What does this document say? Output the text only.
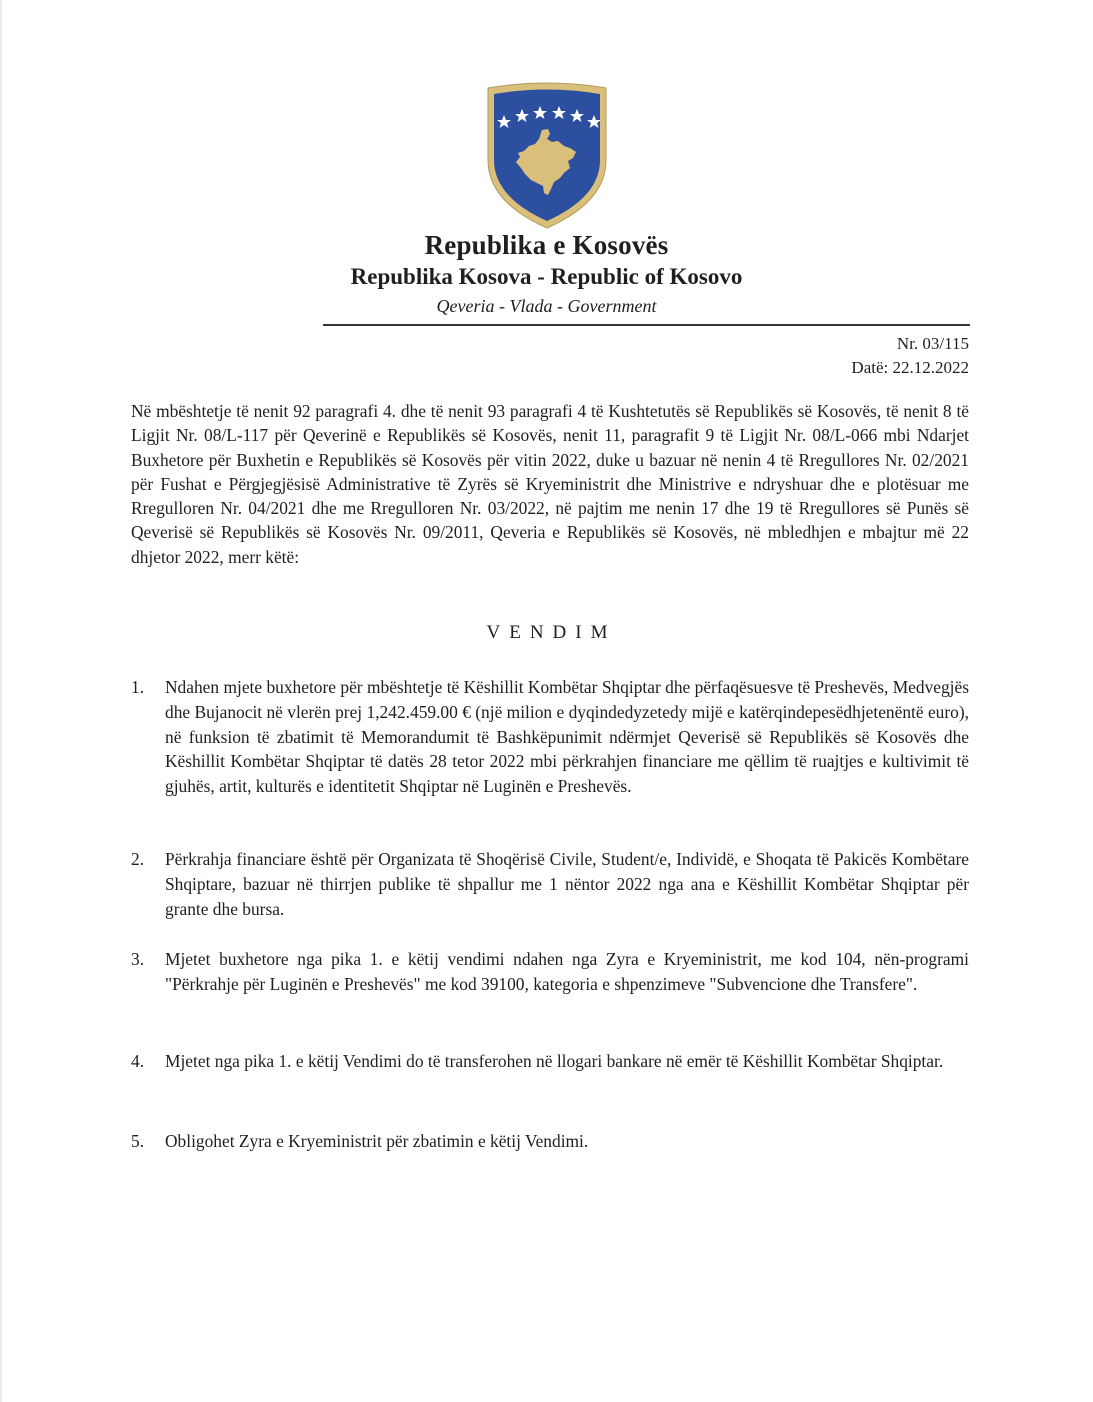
Republika e Kosovës
Republika Kosova - Republic of Kosovo
Qeveria - Vlada - Government
Nr. 03/115
Datë: 22.12.2022
Në mbështetje të nenit 92 paragrafi 4. dhe të nenit 93 paragrafi 4 të Kushtetutës së Republikës së Kosovës, të nenit 8 të Ligjit Nr. 08/L-117 për Qeverinë e Republikës së Kosovës, nenit 11, paragrafit 9 të Ligjit Nr. 08/L-066 mbi Ndarjet Buxhetore për Buxhetin e Republikës së Kosovës për vitin 2022, duke u bazuar në nenin 4 të Rregullores Nr. 02/2021 për Fushat e Përgjegjësisë Administrative të Zyrës së Kryeministrit dhe Ministrive e ndryshuar dhe e plotësuar me Rregulloren Nr. 04/2021 dhe me Rregulloren Nr. 03/2022, në pajtim me nenin 17 dhe 19 të Rregullores së Punës së Qeverisë së Republikës së Kosovës Nr. 09/2011, Qeveria e Republikës së Kosovës, në mbledhjen e mbajtur më 22 dhjetor 2022, merr këtë:
VENDIM
1.	Ndahen mjete buxhetore për mbështetje të Këshillit Kombëtar Shqiptar dhe përfaqësuesve të Preshevës, Medvegjës dhe Bujanocit në vlerën prej 1,242.459.00 € (një milion e dyqindedyzetedy mijë e katërqindepesëdhjetenëntë euro), në funksion të zbatimit të Memorandumit të Bashkëpunimit ndërmjet Qeverisë së Republikës së Kosovës dhe Këshillit Kombëtar Shqiptar të datës 28 tetor 2022 mbi përkrahjen financiare me qëllim të ruajtjes e kultivimit të gjuhës, artit, kulturës e identitetit Shqiptar në Luginën e Preshevës.
2.	Përkrahja financiare është për Organizata të Shoqërisë Civile, Student/e, Individë, e Shoqata të Pakicës Kombëtare Shqiptare, bazuar në thirrjen publike të shpallur me 1 nëntor 2022 nga ana e Këshillit Kombëtar Shqiptar për grante dhe bursa.
3.	Mjetet buxhetore nga pika 1. e këtij vendimi ndahen nga Zyra e Kryeministrit, me kod 104, nën-programi "Përkrahje për Luginën e Preshevës" me kod 39100, kategoria e shpenzimeve "Subvencione dhe Transfere".
4.	Mjetet nga pika 1. e këtij Vendimi do të transferohen në llogari bankare në emër të Këshillit Kombëtar Shqiptar.
5.	Obligohet Zyra e Kryeministrit për zbatimin e këtij Vendimi.
